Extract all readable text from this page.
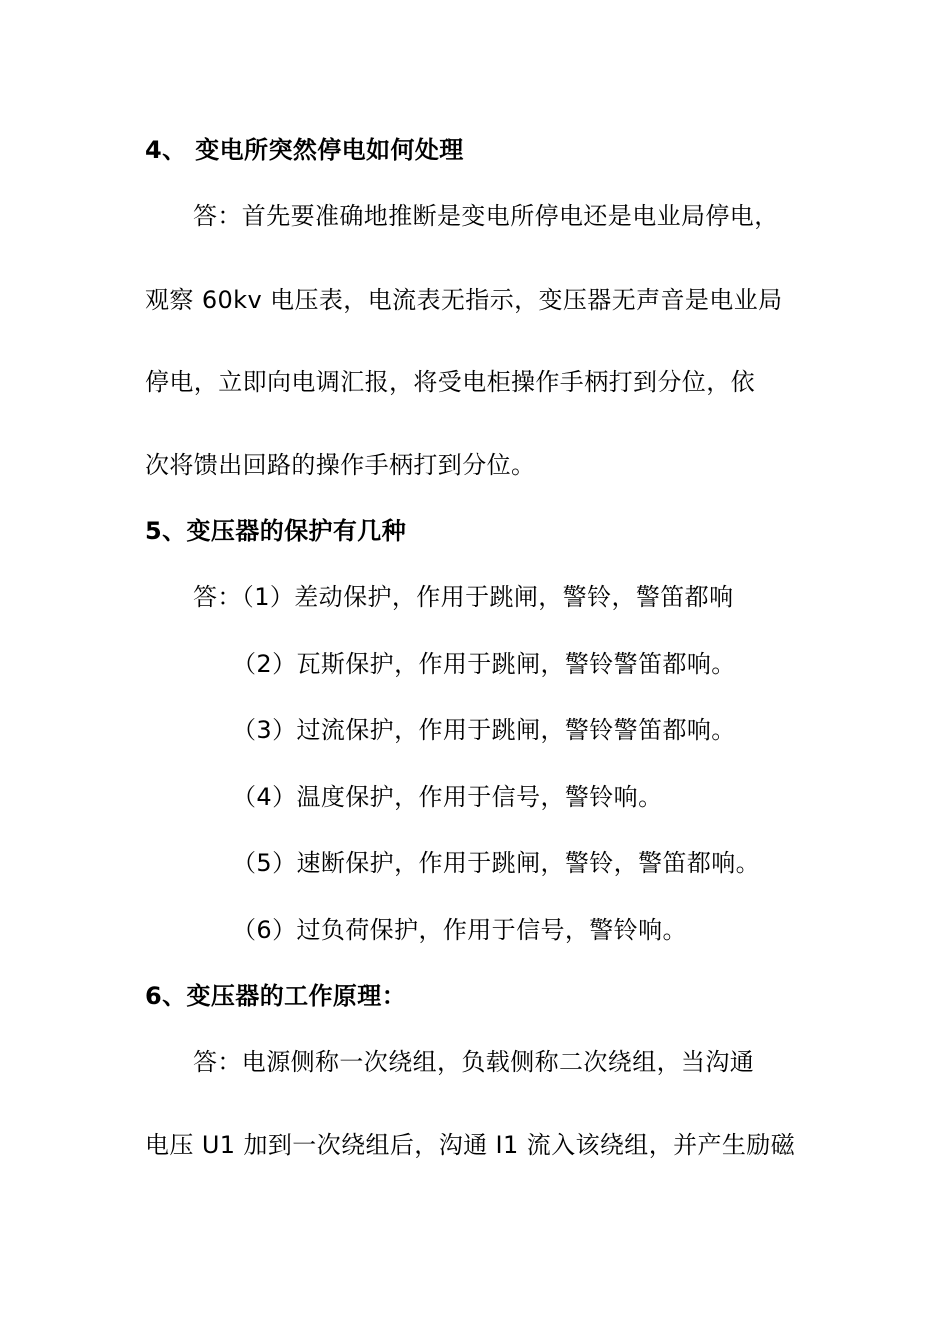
4、 变电所突然停电如何处理
答：首先要准确地推断是变电所停电还是电业局停电，
观察 60kv 电压表，电流表无指示，变压器无声音是电业局
停电，立即向电调汇报，将受电柜操作手柄打到分位，依
次将馈出回路的操作手柄打到分位。
5、变压器的保护有几种
答：（1）差动保护，作用于跳闸，警铃，警笛都响
（2）瓦斯保护，作用于跳闸，警铃警笛都响。
（3）过流保护，作用于跳闸，警铃警笛都响。
（4）温度保护，作用于信号，警铃响。
（5）速断保护，作用于跳闸，警铃，警笛都响。
（6）过负荷保护，作用于信号，警铃响。
6、变压器的工作原理：
答：电源侧称一次绕组，负载侧称二次绕组，当沟通
电压 U1 加到一次绕组后，沟通 I1 流入该绕组，并产生励磁
